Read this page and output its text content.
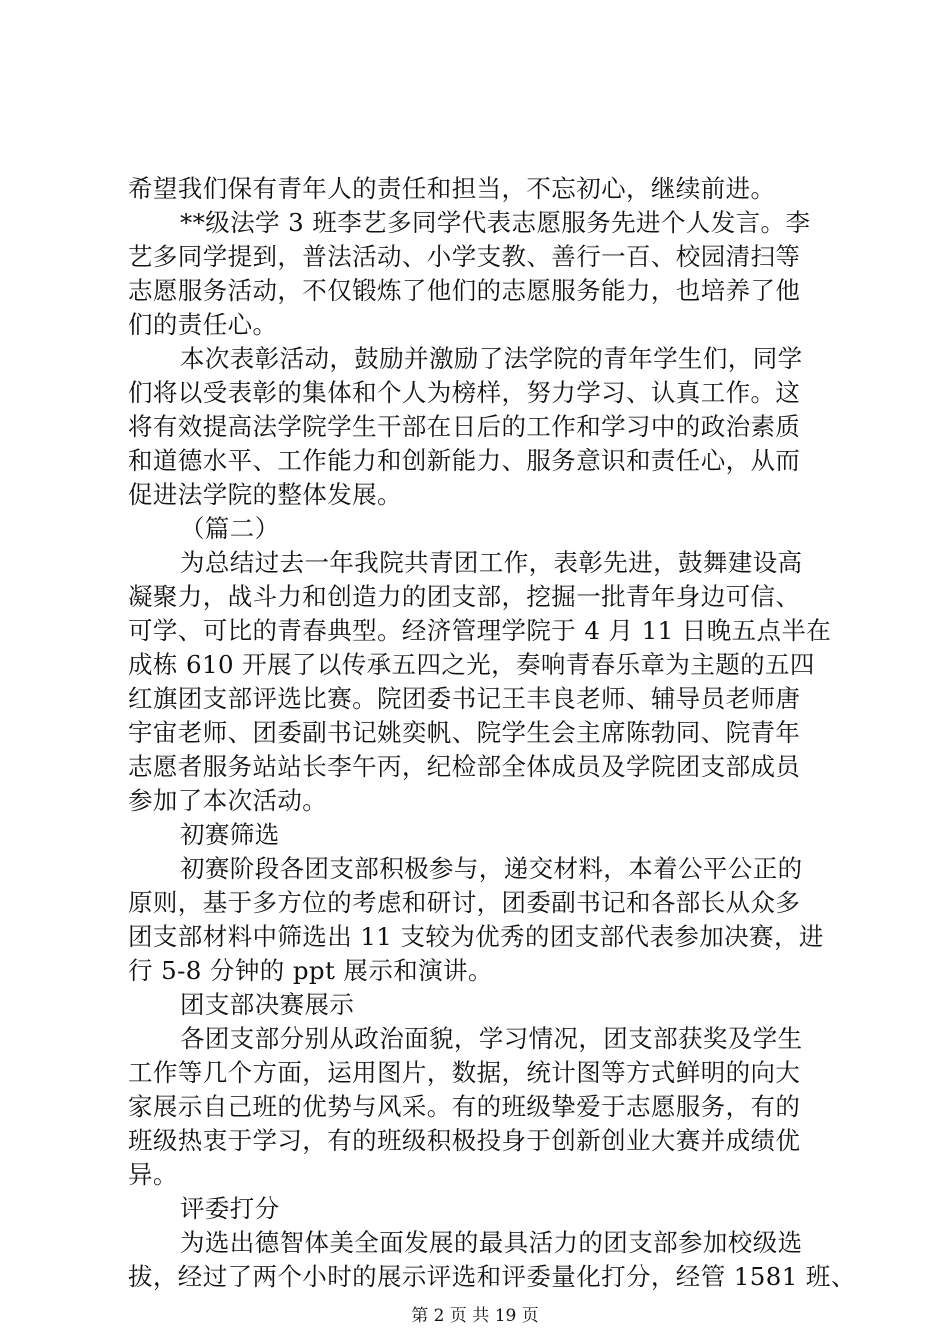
希望我们保有青年人的责任和担当，不忘初心，继续前进。
**级法学 3 班李艺多同学代表志愿服务先进个人发言。李
艺多同学提到，普法活动、小学支教、善行一百、校园清扫等
志愿服务活动，不仅锻炼了他们的志愿服务能力，也培养了他
们的责任心。
本次表彰活动，鼓励并激励了法学院的青年学生们，同学
们将以受表彰的集体和个人为榜样，努力学习、认真工作。这
将有效提高法学院学生干部在日后的工作和学习中的政治素质
和道德水平、工作能力和创新能力、服务意识和责任心，从而
促进法学院的整体发展。
（篇二）
为总结过去一年我院共青团工作，表彰先进，鼓舞建设高
凝聚力，战斗力和创造力的团支部，挖掘一批青年身边可信、
可学、可比的青春典型。经济管理学院于 4 月 11 日晚五点半在
成栋 610 开展了以传承五四之光，奏响青春乐章为主题的五四
红旗团支部评选比赛。院团委书记王丰良老师、辅导员老师唐
宇宙老师、团委副书记姚奕帆、院学生会主席陈勃同、院青年
志愿者服务站站长李午丙，纪检部全体成员及学院团支部成员
参加了本次活动。
初赛筛选
初赛阶段各团支部积极参与，递交材料，本着公平公正的
原则，基于多方位的考虑和研讨，团委副书记和各部长从众多
团支部材料中筛选出 11 支较为优秀的团支部代表参加决赛，进
行 5-8 分钟的 ppt 展示和演讲。
团支部决赛展示
各团支部分别从政治面貌，学习情况，团支部获奖及学生
工作等几个方面，运用图片，数据，统计图等方式鲜明的向大
家展示自己班的优势与风采。有的班级挚爱于志愿服务，有的
班级热衷于学习，有的班级积极投身于创新创业大赛并成绩优
异。
评委打分
为选出德智体美全面发展的最具活力的团支部参加校级选
拔，经过了两个小时的展示评选和评委量化打分，经管 1581 班、
第 2 页 共 19 页
